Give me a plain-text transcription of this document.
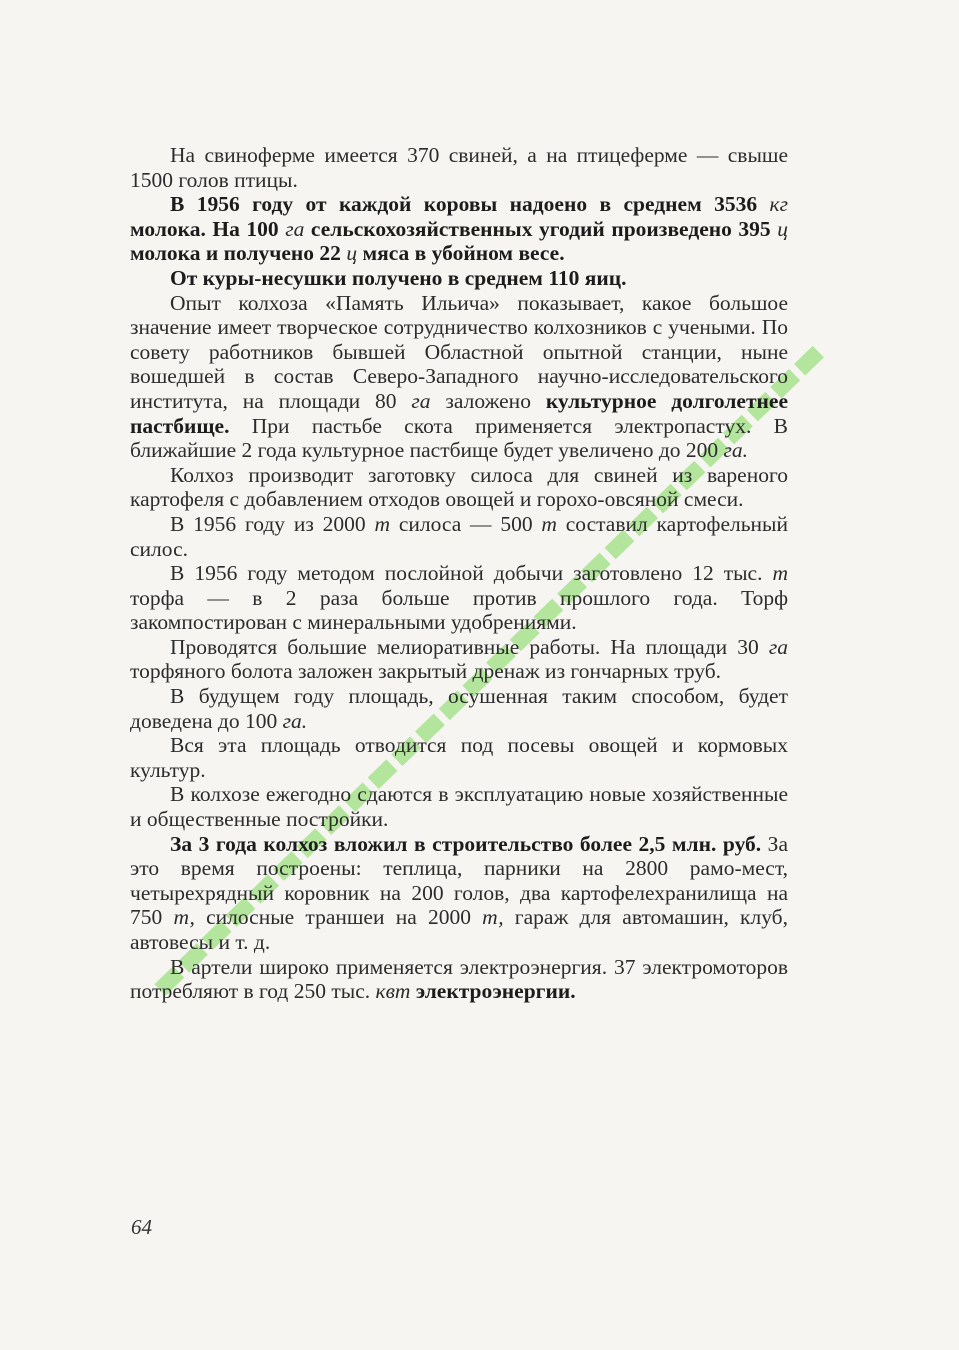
На свиноферме имеется 370 свиней, а на птицеферме — свыше 1500 голов птицы.

В 1956 году от каждой коровы надоено в среднем 3536 кг молока. На 100 га сельскохозяйственных угодий произведено 395 ц молока и получено 22 ц мяса в убойном весе.

От куры-несушки получено в среднем 110 яиц.

Опыт колхоза «Память Ильича» показывает, какое большое значение имеет творческое сотрудничество колхозников с учеными. По совету работников бывшей Областной опытной станции, ныне вошедшей в состав Северо-Западного научно-исследовательского института, на площади 80 га заложено культурное долголетнее пастбище. При пастьбе скота применяется электропастух. В ближайшие 2 года культурное пастбище будет увеличено до 200 га.

Колхоз производит заготовку силоса для свиней из вареного картофеля с добавлением отходов овощей и горохо-овсяной смеси.

В 1956 году из 2000 т силоса — 500 т составил картофельный силос.

В 1956 году методом послойной добычи заготовлено 12 тыс. т торфа — в 2 раза больше против прошлого года. Торф закомпостирован с минеральными удобрениями.

Проводятся большие мелиоративные работы. На площади 30 га торфяного болота заложен закрытый дренаж из гончарных труб.

В будущем году площадь, осушенная таким способом, будет доведена до 100 га.

Вся эта площадь отводится под посевы овощей и кормовых культур.

В колхозе ежегодно сдаются в эксплуатацию новые хозяйственные и общественные постройки.

За 3 года колхоз вложил в строительство более 2,5 млн. руб. За это время построены: теплица, парники на 2800 рамо-мест, четырехрядный коровник на 200 голов, два картофелехранилища на 750 т, силосные траншеи на 2000 т, гараж для автомашин, клуб, автовесы и т. д.

В артели широко применяется электроэнергия. 37 электромоторов потребляют в год 250 тыс. квт электроэнергии.

64
